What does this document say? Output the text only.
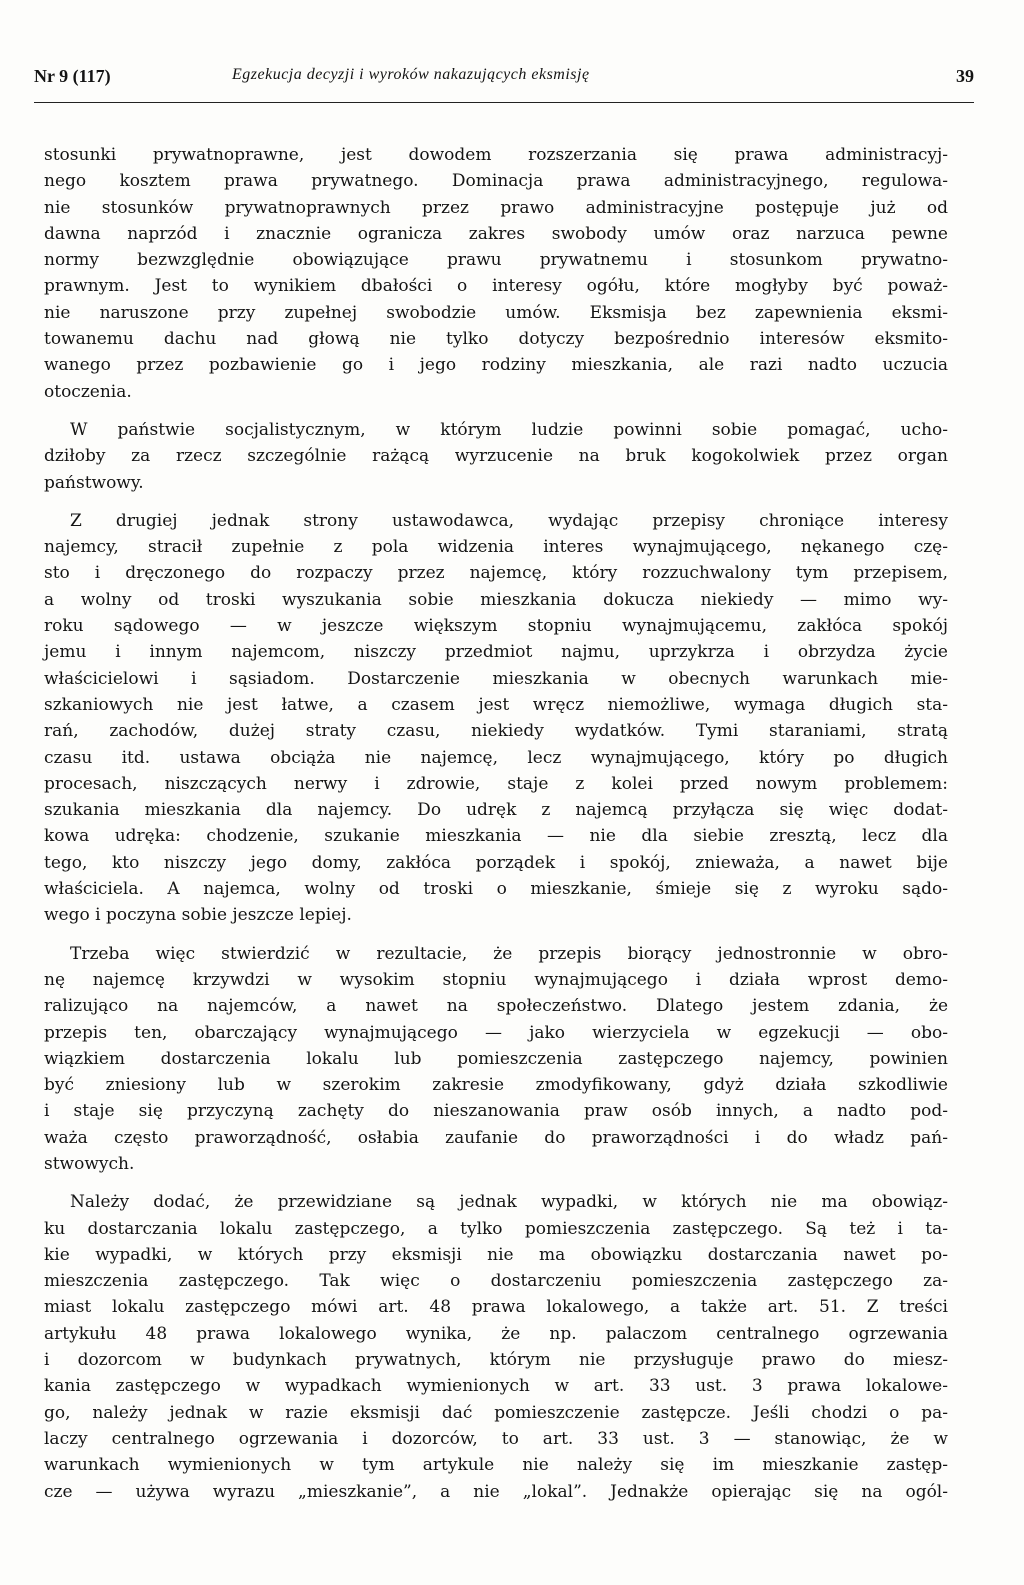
Nr 9 (117)	Egzekucja decyzji i wyroków nakazujących eksmisję	39
stosunki prywatnoprawne, jest dowodem rozszerzania się prawa administracyj-
nego kosztem prawa prywatnego. Dominacja prawa administracyjnego, regulowa-
nie stosunków prywatnoprawnych przez prawo administracyjne postępuje już od
dawna naprzód i znacznie ogranicza zakres swobody umów oraz narzuca pewne
normy bezwzględnie obowiązujące prawu prywatnemu i stosunkom prywatno-
prawnym. Jest to wynikiem dbałości o interesy ogółu, które mogłyby być poważ-
nie naruszone przy zupełnej swobodzie umów. Eksmisja bez zapewnienia eksmi-
towanemu dachu nad głową nie tylko dotyczy bezpośrednio interesów eksmito-
wanego przez pozbawienie go i jego rodziny mieszkania, ale razi nadto uczucia
otoczenia.
W państwie socjalistycznym, w którym ludzie powinni sobie pomagać, ucho-
dziłoby za rzecz szczególnie rażącą wyrzucenie na bruk kogokolwiek przez organ
państwowy.
Z drugiej jednak strony ustawodawca, wydając przepisy chroniące interesy
najemcy, stracił zupełnie z pola widzenia interes wynajmującego, nękanego czę-
sto i dręczonego do rozpaczy przez najemcę, który rozzuchwalony tym przepisem,
a wolny od troski wyszukania sobie mieszkania dokucza niekiedy — mimo wy-
roku sądowego — w jeszcze większym stopniu wynajmującemu, zakłóca spokój
jemu i innym najemcom, niszczy przedmiot najmu, uprzykrza i obrzydza życie
właścicielowi i sąsiadom. Dostarczenie mieszkania w obecnych warunkach mie-
szkaniowych nie jest łatwe, a czasem jest wręcz niemożliwe, wymaga długich sta-
rań, zachodów, dużej straty czasu, niekiedy wydatków. Tymi staraniami, stratą
czasu itd. ustawa obciąża nie najemcę, lecz wynajmującego, który po długich
procesach, niszczących nerwy i zdrowie, staje z kolei przed nowym problemem:
szukania mieszkania dla najemcy. Do udręk z najemcą przyłącza się więc dodat-
kowa udręka: chodzenie, szukanie mieszkania — nie dla siebie zresztą, lecz dla
tego, kto niszczy jego domy, zakłóca porządek i spokój, znieważa, a nawet bije
właściciela. A najemca, wolny od troski o mieszkanie, śmieje się z wyroku sądo-
wego i poczyna sobie jeszcze lepiej.
Trzeba więc stwierdzić w rezultacie, że przepis biorący jednostronnie w obro-
nę najemcę krzywdzi w wysokim stopniu wynajmującego i działa wprost demo-
ralizująco na najemców, a nawet na społeczeństwo. Dlatego jestem zdania, że
przepis ten, obarczający wynajmującego — jako wierzyciela w egzekucji — obo-
wiązkiem dostarczenia lokalu lub pomieszczenia zastępczego najemcy, powinien
być zniesiony lub w szerokim zakresie zmodyfikowany, gdyż działa szkodliwie
i staje się przyczyną zachęty do nieszanowania praw osób innych, a nadto pod-
waża często praworządność, osłabia zaufanie do praworządności i do władz pań-
stwowych.
Należy dodać, że przewidziane są jednak wypadki, w których nie ma obowiąz-
ku dostarczania lokalu zastępczego, a tylko pomieszczenia zastępczego. Są też i ta-
kie wypadki, w których przy eksmisji nie ma obowiązku dostarczania nawet po-
mieszczenia zastępczego. Tak więc o dostarczeniu pomieszczenia zastępczego za-
miast lokalu zastępczego mówi art. 48 prawa lokalowego, a także art. 51. Z treści
artykułu 48 prawa lokalowego wynika, że np. palaczom centralnego ogrzewania
i dozorcom w budynkach prywatnych, którym nie przysługuje prawo do miesz-
kania zastępczego w wypadkach wymienionych w art. 33 ust. 3 prawa lokalowe-
go, należy jednak w razie eksmisji dać pomieszczenie zastępcze. Jeśli chodzi o pa-
laczy centralnego ogrzewania i dozorców, to art. 33 ust. 3 — stanowiąc, że w
warunkach wymienionych w tym artykule nie należy się im mieszkanie zastęp-
cze — używa wyrazu „mieszkanie”, a nie „lokal”. Jednakże opierając się na ogól-
